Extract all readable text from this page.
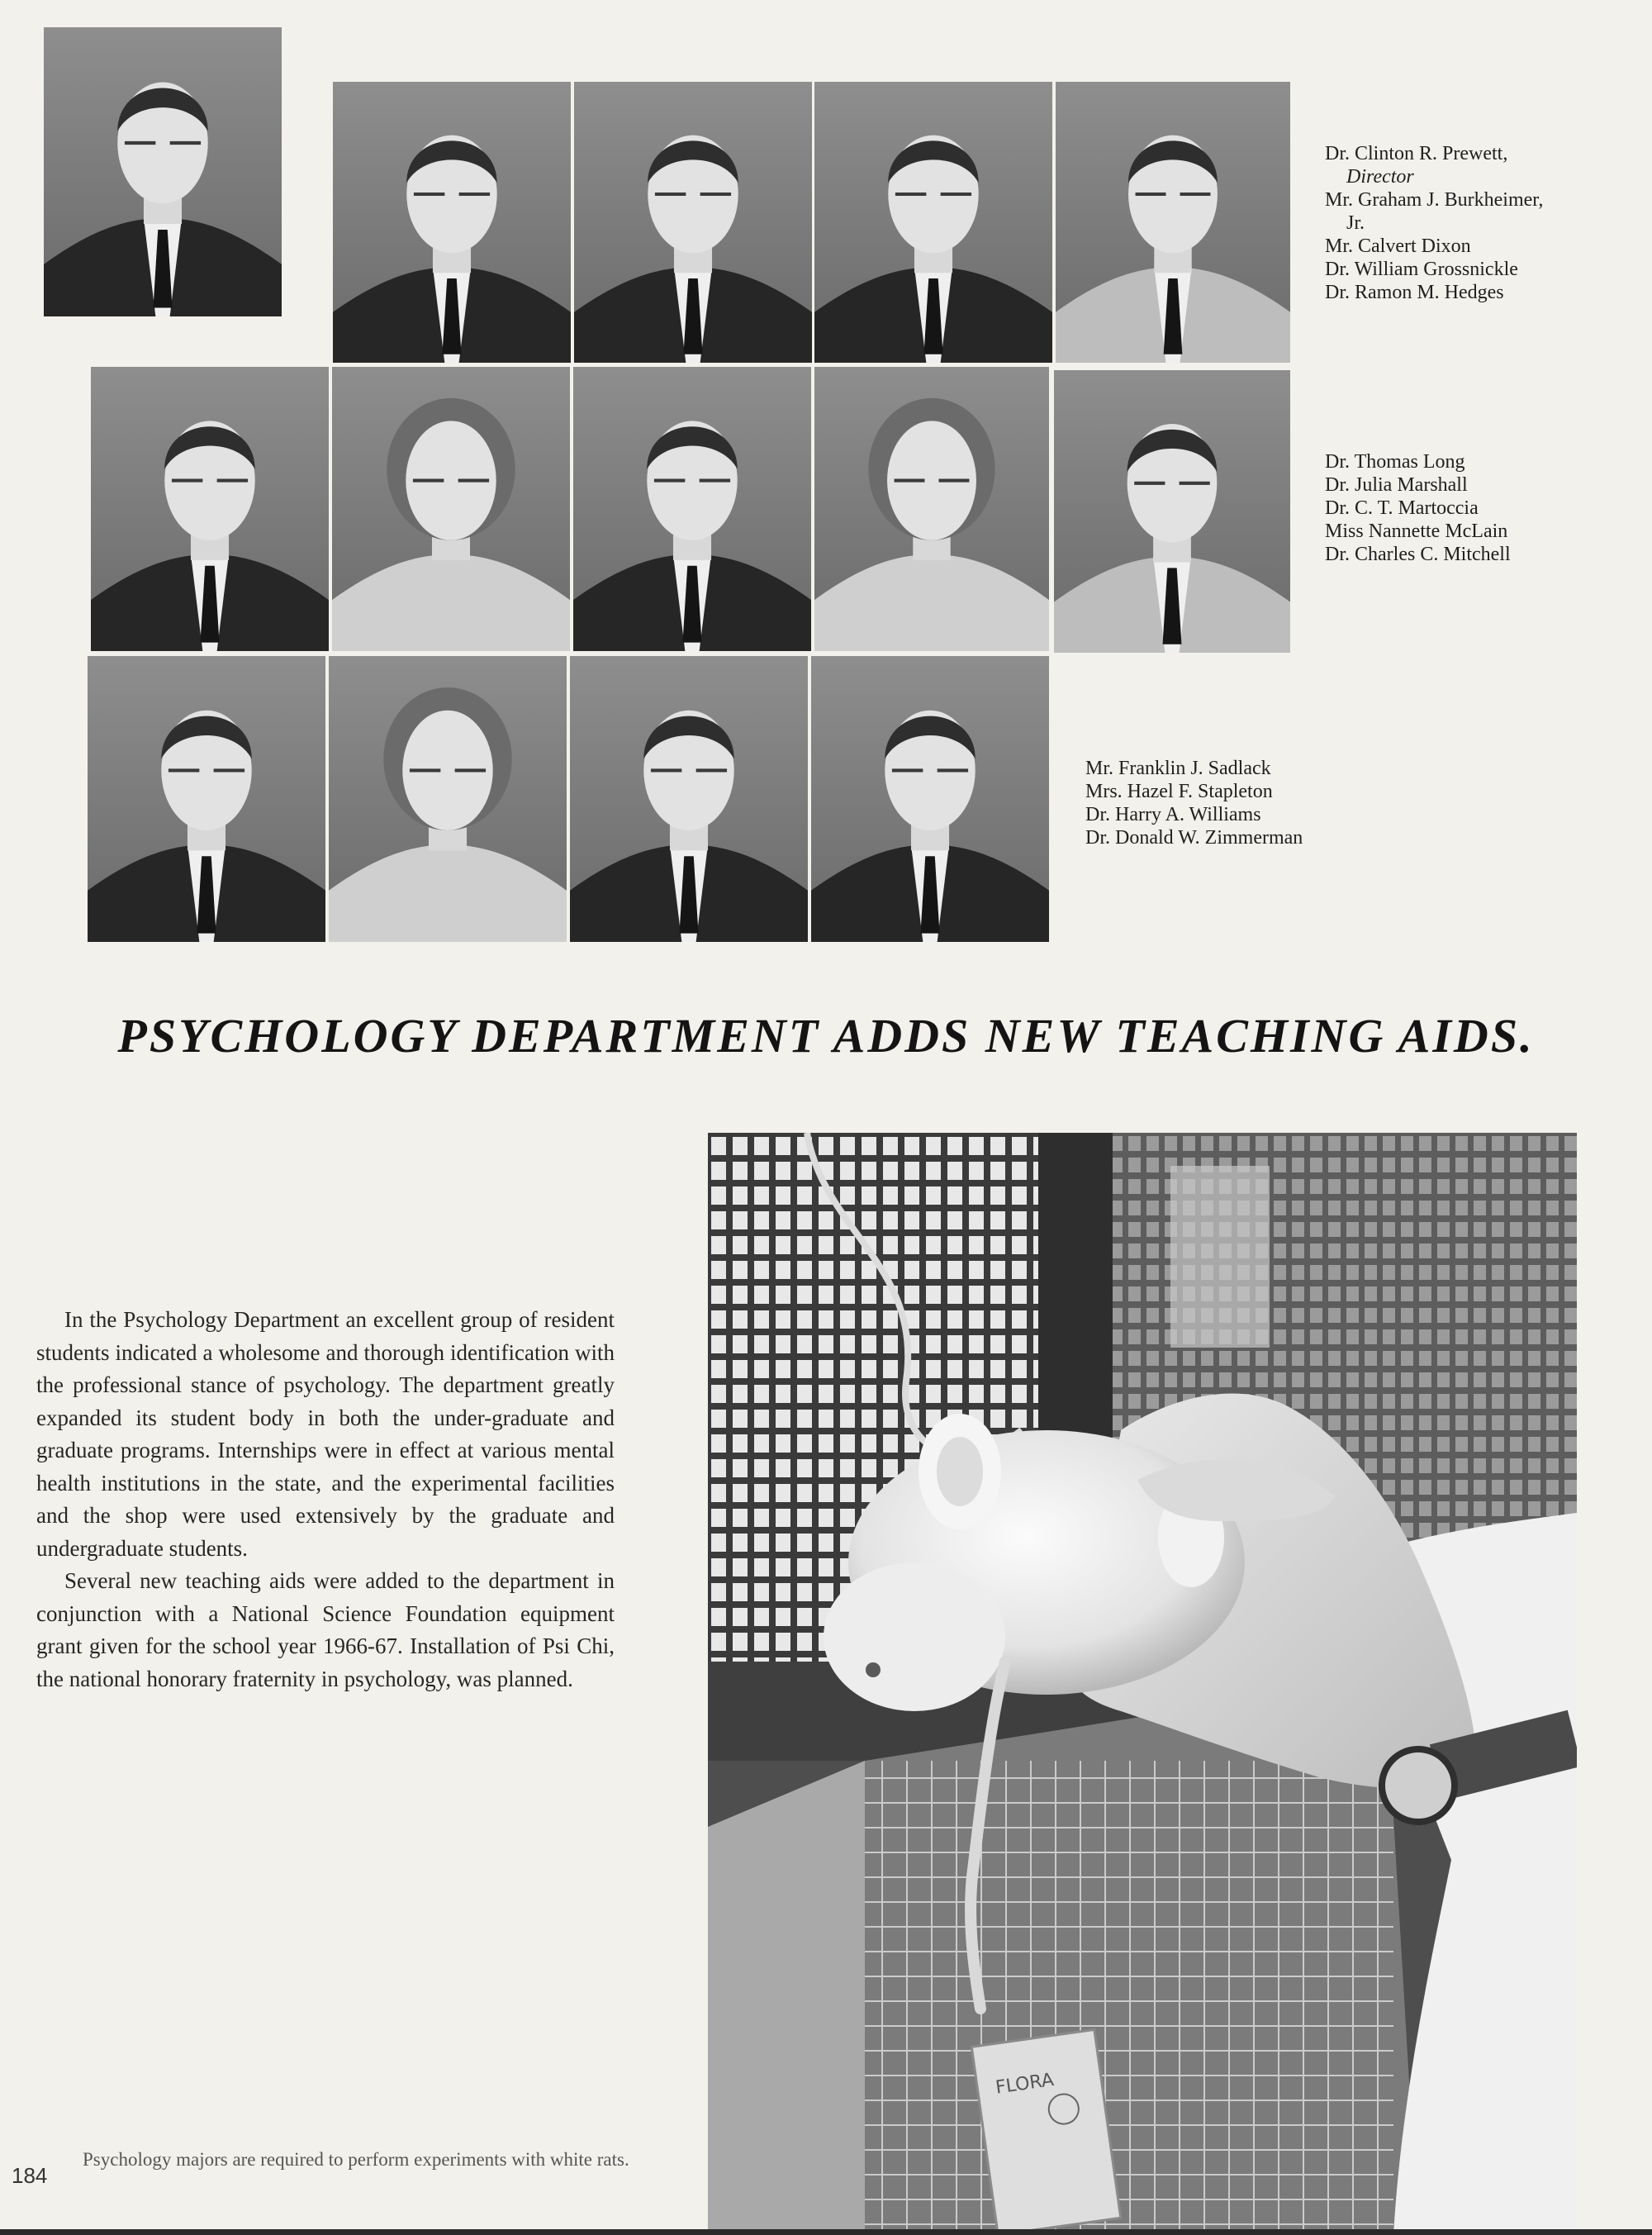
Dr. Clinton R. Prewett,
Director
Mr. Graham J. Burkheimer,
Jr.
Mr. Calvert Dixon
Dr. William Grossnickle
Dr. Ramon M. Hedges
Dr. Thomas Long
Dr. Julia Marshall
Dr. C. T. Martoccia
Miss Nannette McLain
Dr. Charles C. Mitchell
Mr. Franklin J. Sadlack
Mrs. Hazel F. Stapleton
Dr. Harry A. Williams
Dr. Donald W. Zimmerman
PSYCHOLOGY DEPARTMENT ADDS NEW TEACHING AIDS.

In the Psychology Department an excellent group of resident students indicated a wholesome and thorough identification with the professional stance of psychology. The department greatly expanded its student body in both the under-graduate and graduate programs. Internships were in effect at various mental health institutions in the state, and the experimental facilities and the shop were used extensively by the graduate and undergraduate students.

Several new teaching aids were added to the department in conjunction with a National Science Foundation equipment grant given for the school year 1966-67. Installation of Psi Chi, the national honorary fraternity in psychology, was planned.

FLORA
184
Psychology majors are required to perform experiments with white rats.
